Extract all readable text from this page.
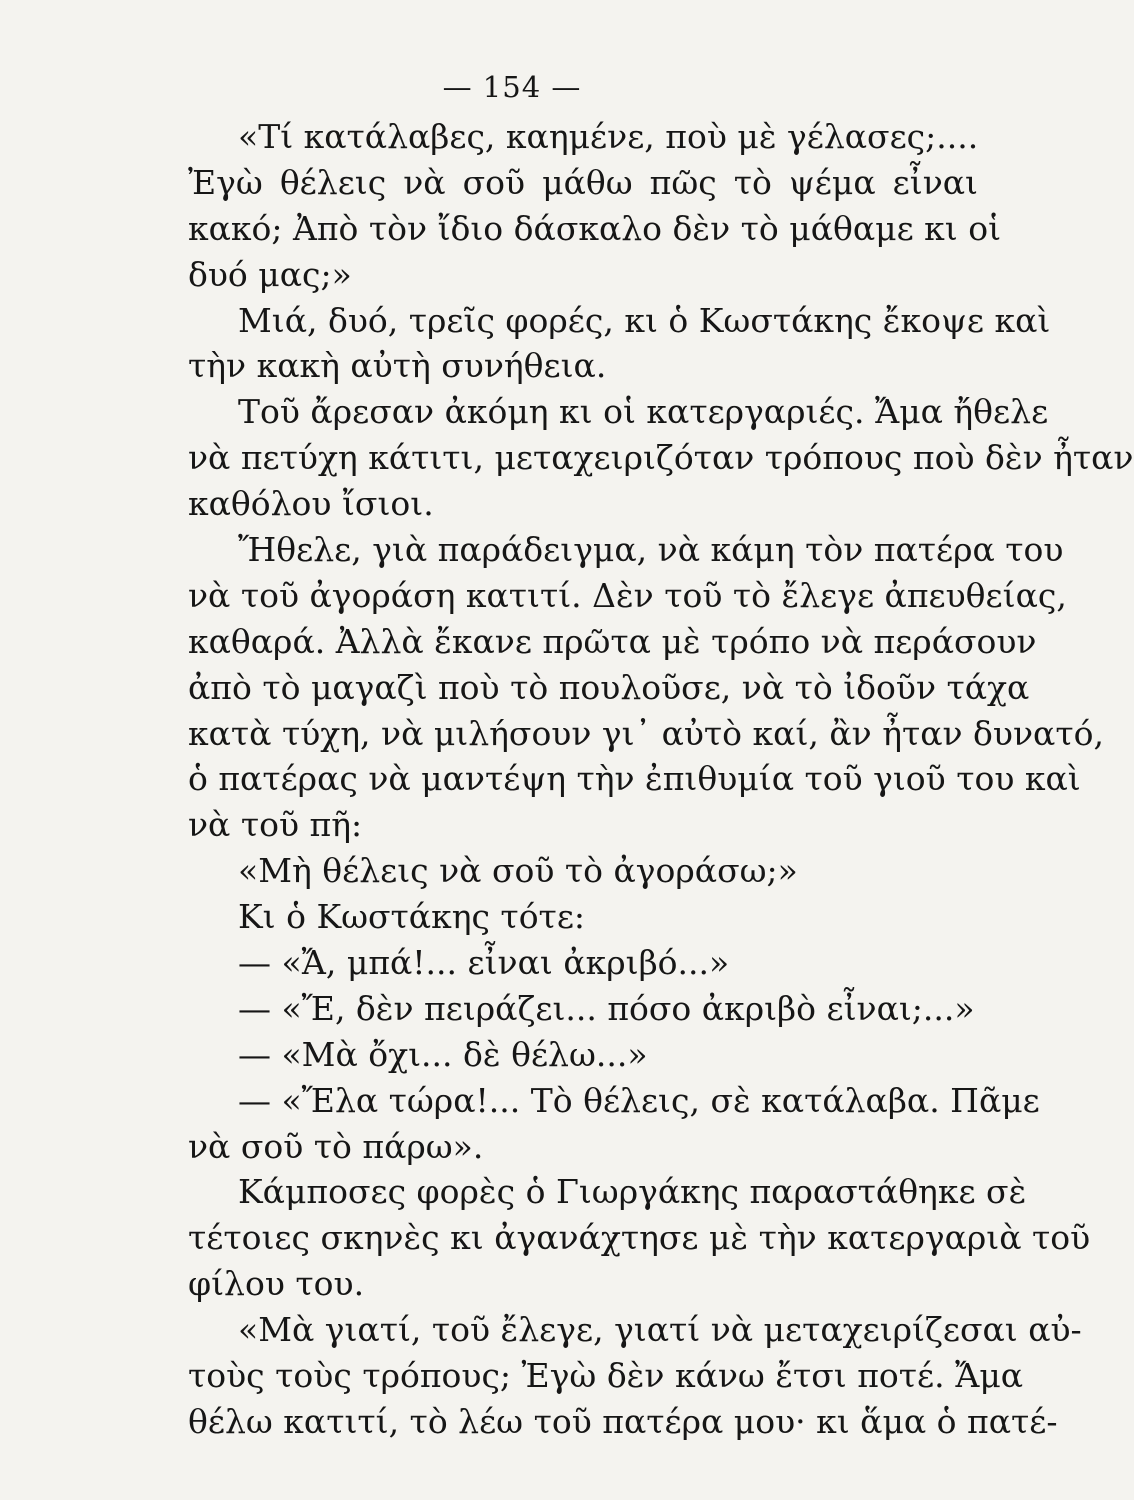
— 154 —
«Τί κατάλαβες, καημένε, ποὺ μὲ γέλασες;....
Ἐγὼ θέλεις νὰ σοῦ μάθω πῶς τὸ ψέμα εἶναι
κακό; Ἀπὸ τὸν ἴδιο δάσκαλο δὲν τὸ μάθαμε κι οἱ
δυό μας;»
Μιά, δυό, τρεῖς φορές, κι ὁ Κωστάκης ἔκοψε καὶ
τὴν κακὴ αὐτὴ συνήθεια.
Τοῦ ἄρεσαν ἀκόμη κι οἱ κατεργαριές. Ἄμα ἤθελε
νὰ πετύχη κάτιτι, μεταχειριζόταν τρόπους ποὺ δὲν ἦταν
καθόλου ἴσιοι.
Ἤθελε, γιὰ παράδειγμα, νὰ κάμη τὸν πατέρα του
νὰ τοῦ ἀγοράση κατιτί. Δὲν τοῦ τὸ ἔλεγε ἀπευθείας,
καθαρά. Ἀλλὰ ἔκανε πρῶτα μὲ τρόπο νὰ περάσουν
ἀπὸ τὸ μαγαζὶ ποὺ τὸ πουλοῦσε, νὰ τὸ ἰδοῦν τάχα
κατὰ τύχη, νὰ μιλήσουν γι᾽ αὐτὸ καί, ἂν ἦταν δυνατό,
ὁ πατέρας νὰ μαντέψη τὴν ἐπιθυμία τοῦ γιοῦ του καὶ
νὰ τοῦ πῆ:
«Μὴ θέλεις νὰ σοῦ τὸ ἀγοράσω;»
Κι ὁ Κωστάκης τότε:
— «Ἄ, μπά!... εἶναι ἀκριβό...»
— «Ἔ, δὲν πειράζει... πόσο ἀκριβὸ εἶναι;...»
— «Μὰ ὄχι... δὲ θέλω...»
— «Ἔλα τώρα!... Τὸ θέλεις, σὲ κατάλαβα. Πᾶμε
νὰ σοῦ τὸ πάρω».
Κάμποσες φορὲς ὁ Γιωργάκης παραστάθηκε σὲ
τέτοιες σκηνὲς κι ἀγανάχτησε μὲ τὴν κατεργαριὰ τοῦ
φίλου του.
«Μὰ γιατί, τοῦ ἔλεγε, γιατί νὰ μεταχειρίζεσαι αὐ-
τοὺς τοὺς τρόπους; Ἐγὼ δὲν κάνω ἔτσι ποτέ. Ἄμα
θέλω κατιτί, τὸ λέω τοῦ πατέρα μου· κι ἅμα ὁ πατέ-
